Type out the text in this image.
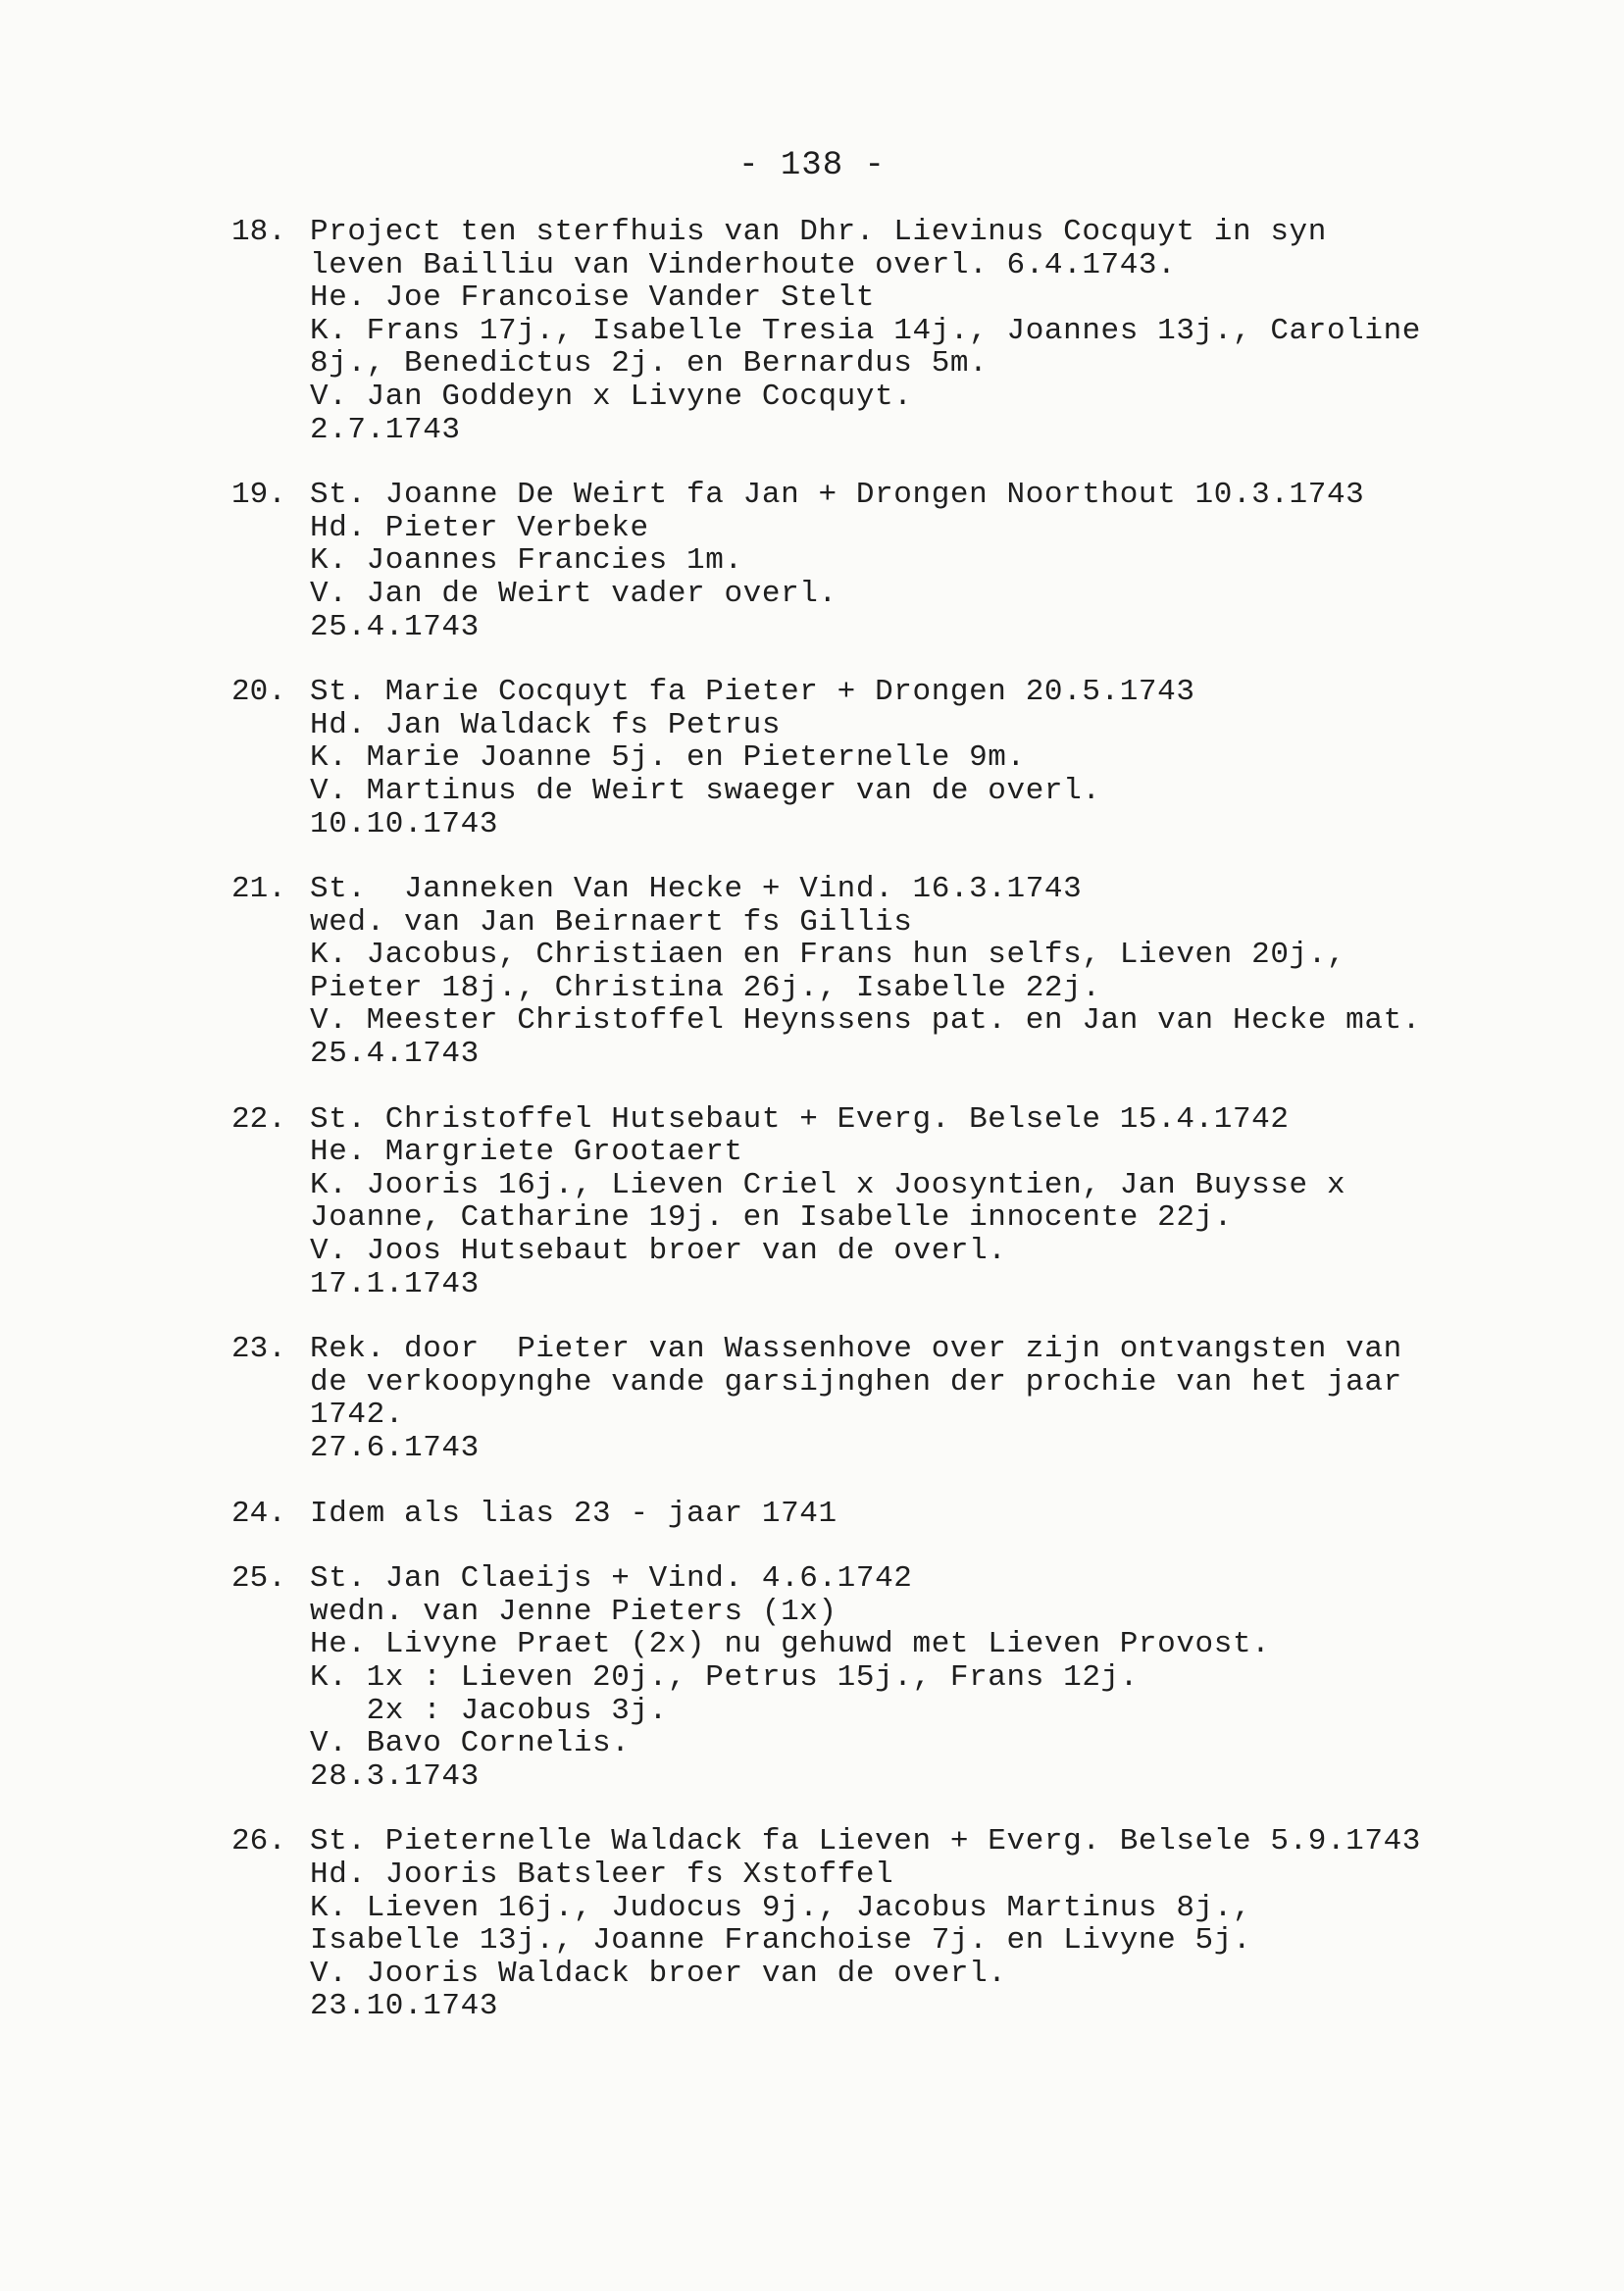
- 138 -
18. Project ten sterfhuis van Dhr. Lievinus Cocquyt in syn
leven Bailliu van Vinderhoute overl. 6.4.1743.
He. Joe Francoise Vander Stelt
K. Frans 17j., Isabelle Tresia 14j., Joannes 13j., Caroline
8j., Benedictus 2j. en Bernardus 5m.
V. Jan Goddeyn x Livyne Cocquyt.
2.7.1743
19. St. Joanne De Weirt fa Jan + Drongen Noorthout 10.3.1743
Hd. Pieter Verbeke
K. Joannes Francies 1m.
V. Jan de Weirt vader overl.
25.4.1743
20. St. Marie Cocquyt fa Pieter + Drongen 20.5.1743
Hd. Jan Waldack fs Petrus
K. Marie Joanne 5j. en Pieternelle 9m.
V. Martinus de Weirt swaeger van de overl.
10.10.1743
21. St.  Janneken Van Hecke + Vind. 16.3.1743
wed. van Jan Beirnaert fs Gillis
K. Jacobus, Christiaen en Frans hun selfs, Lieven 20j.,
Pieter 18j., Christina 26j., Isabelle 22j.
V. Meester Christoffel Heynssens pat. en Jan van Hecke mat.
25.4.1743
22. St. Christoffel Hutsebaut + Everg. Belsele 15.4.1742
He. Margriete Grootaert
K. Jooris 16j., Lieven Criel x Joosyntien, Jan Buysse x
Joanne, Catharine 19j. en Isabelle innocente 22j.
V. Joos Hutsebaut broer van de overl.
17.1.1743
23. Rek. door  Pieter van Wassenhove over zijn ontvangsten van
de verkoopynghe vande garsijnghen der prochie van het jaar
1742.
27.6.1743
24. Idem als lias 23 - jaar 1741
25. St. Jan Claeijs + Vind. 4.6.1742
wedn. van Jenne Pieters (1x)
He. Livyne Praet (2x) nu gehuwd met Lieven Provost.
K. 1x : Lieven 20j., Petrus 15j., Frans 12j.
2x : Jacobus 3j.
V. Bavo Cornelis.
28.3.1743
26. St. Pieternelle Waldack fa Lieven + Everg. Belsele 5.9.1743
Hd. Jooris Batsleer fs Xstoffel
K. Lieven 16j., Judocus 9j., Jacobus Martinus 8j.,
Isabelle 13j., Joanne Franchoise 7j. en Livyne 5j.
V. Jooris Waldack broer van de overl.
23.10.1743
